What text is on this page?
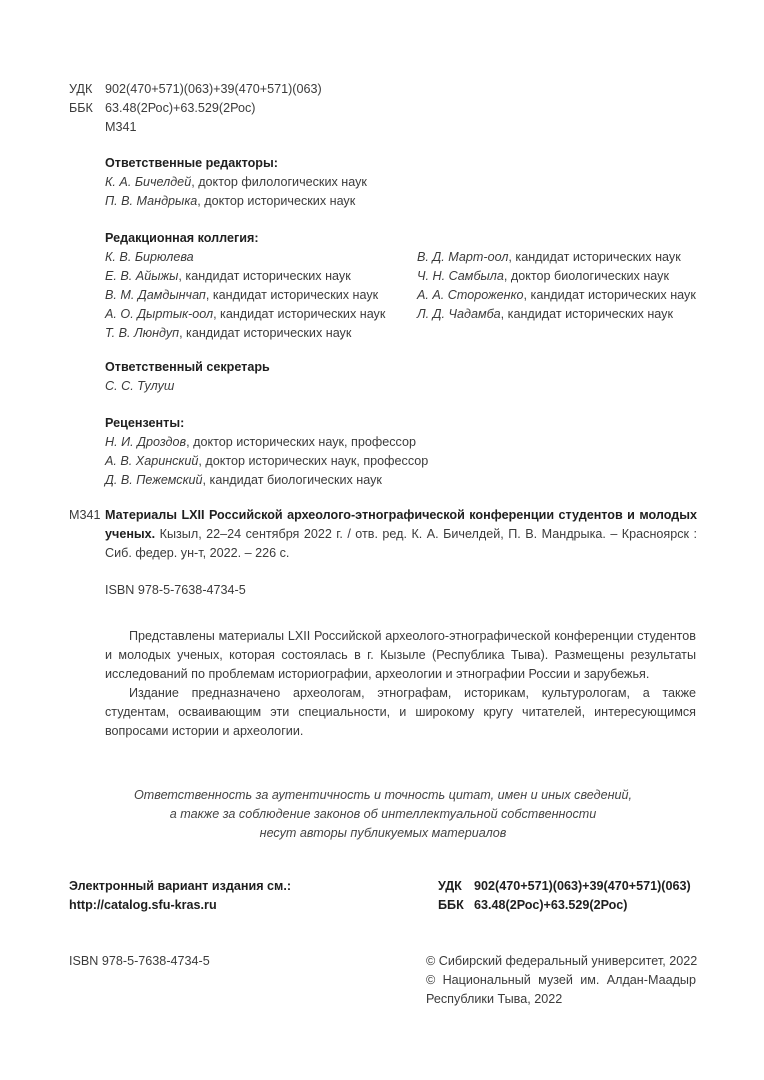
УДК	902(470+571)(063)+39(470+571)(063)
ББК 63.48(2Рос)+63.529(2Рос)
М341
Ответственные редакторы:
К. А. Бичелдей, доктор филологических наук
П. В. Мандрыка, доктор исторических наук
Редакционная коллегия:
К. В. Бирюлева
Е. В. Айыжы, кандидат исторических наук
В. М. Дамдынчап, кандидат исторических наук
А. О. Дыртык-оол, кандидат исторических наук
Т. В. Люндуп, кандидат исторических наук
В. Д. Март-оол, кандидат исторических наук
Ч. Н. Самбыла, доктор биологических наук
А. А. Стороженко, кандидат исторических наук
Л. Д. Чадамба, кандидат исторических наук
Ответственный секретарь
С. С. Тулуш
Рецензенты:
Н. И. Дроздов, доктор исторических наук, профессор
А. В. Харинский, доктор исторических наук, профессор
Д. В. Пежемский, кандидат биологических наук
М341 Материалы LXII Российской археолого-этнографической конференции студентов и молодых ученых. Кызыл, 22–24 сентября 2022 г. / отв. ред. К. А. Бичелдей, П. В. Мандрыка. – Красноярск : Сиб. федер. ун-т, 2022. – 226 с.
ISBN 978-5-7638-4734-5

Представлены материалы LXII Российской археолого-этнографической конференции студентов и молодых ученых, которая состоялась в г. Кызыле (Республика Тыва). Размещены результаты исследований по проблемам историографии, археологии и этнографии России и зарубежья.

Издание предназначено археологам, этнографам, историкам, культурологам, а также студентам, осваивающим эти специальности, и широкому кругу читателей, интересующимся вопросами истории и археологии.

Ответственность за аутентичность и точность цитат, имен и иных сведений,
а также за соблюдение законов об интеллектуальной собственности
несут авторы публикуемых материалов
Электронный вариант издания см.:
http://catalog.sfu-kras.ru
УДК 902(470+571)(063)+39(470+571)(063)
ББК 63.48(2Рос)+63.529(2Рос)
ISBN 978-5-7638-4734-5	© Сибирский федеральный университет, 2022
© Национальный музей им. Алдан-Маадыр
Республики Тыва, 2022
